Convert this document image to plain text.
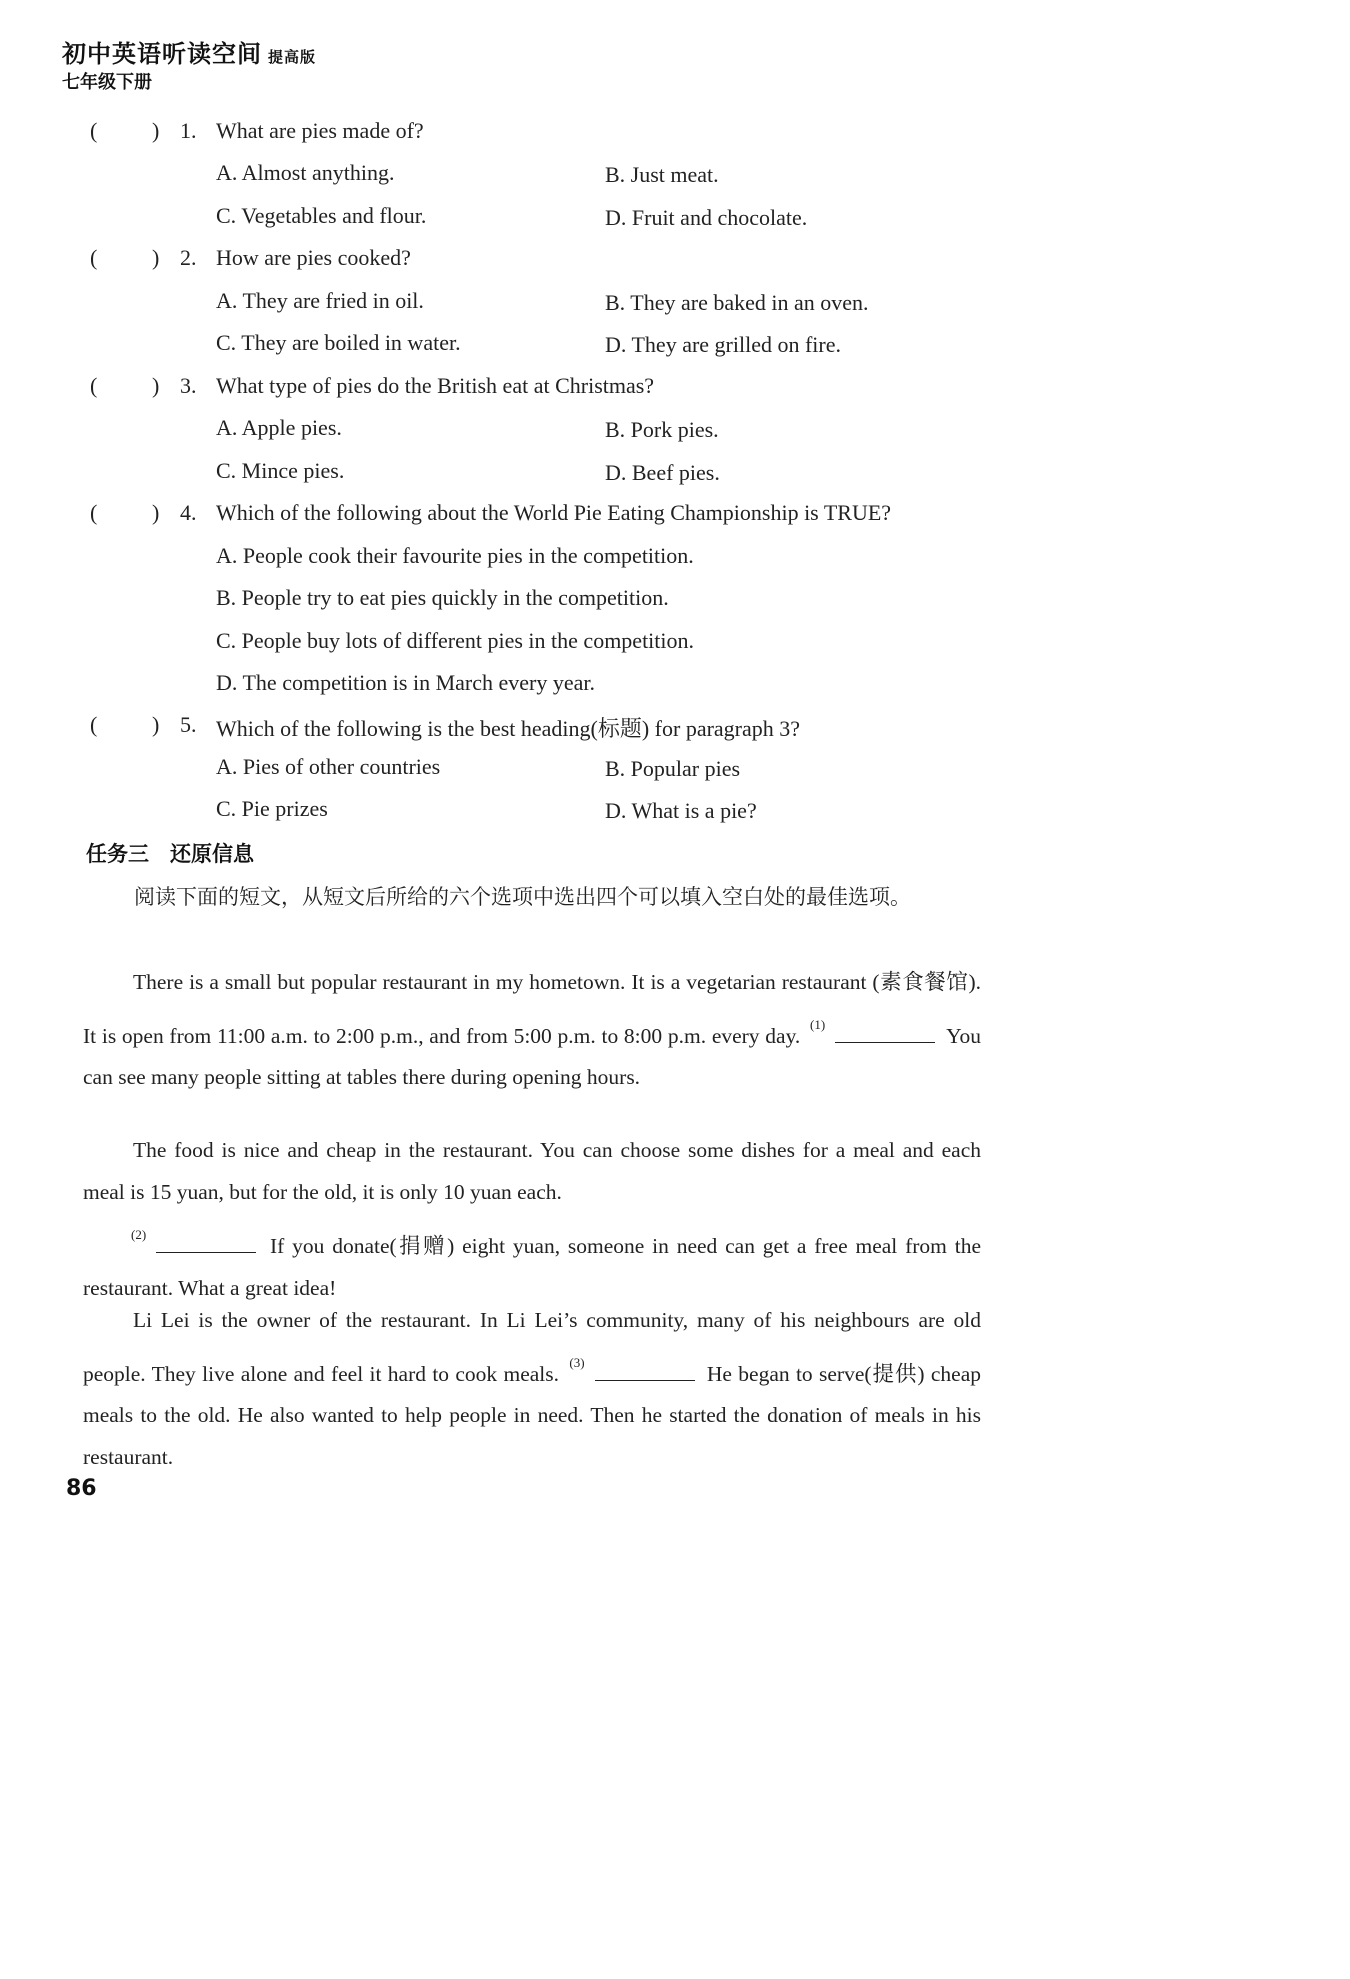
初中英语听读空间 提高版
七年级下册
( ) 1. What are pies made of?
A. Almost anything.	B. Just meat.
C. Vegetables and flour.	D. Fruit and chocolate.
( ) 2. How are pies cooked?
A. They are fried in oil.	B. They are baked in an oven.
C. They are boiled in water.	D. They are grilled on fire.
( ) 3. What type of pies do the British eat at Christmas?
A. Apple pies.	B. Pork pies.
C. Mince pies.	D. Beef pies.
( ) 4. Which of the following about the World Pie Eating Championship is TRUE?
A. People cook their favourite pies in the competition.
B. People try to eat pies quickly in the competition.
C. People buy lots of different pies in the competition.
D. The competition is in March every year.
( ) 5. Which of the following is the best heading(标题) for paragraph 3?
A. Pies of other countries	B. Popular pies
C. Pie prizes	D. What is a pie?
任务三　还原信息
阅读下面的短文，从短文后所给的六个选项中选出四个可以填入空白处的最佳选项。
There is a small but popular restaurant in my hometown. It is a vegetarian restaurant (素食餐馆). It is open from 11:00 a.m. to 2:00 p.m., and from 5:00 p.m. to 8:00 p.m. every day. $^{(1)}$	You can see many people sitting at tables there during opening hours.
The food is nice and cheap in the restaurant. You can choose some dishes for a meal and each meal is 15 yuan, but for the old, it is only 10 yuan each.
$^{(2)}$	If you donate(捐赠) eight yuan, someone in need can get a free meal from the restaurant. What a great idea!
Li Lei is the owner of the restaurant. In Li Lei’s community, many of his neighbours are old people. They live alone and feel it hard to cook meals. $^{(3)}$	He began to serve(提供) cheap meals to the old. He also wanted to help people in need. Then he started the donation of meals in his restaurant.
86
